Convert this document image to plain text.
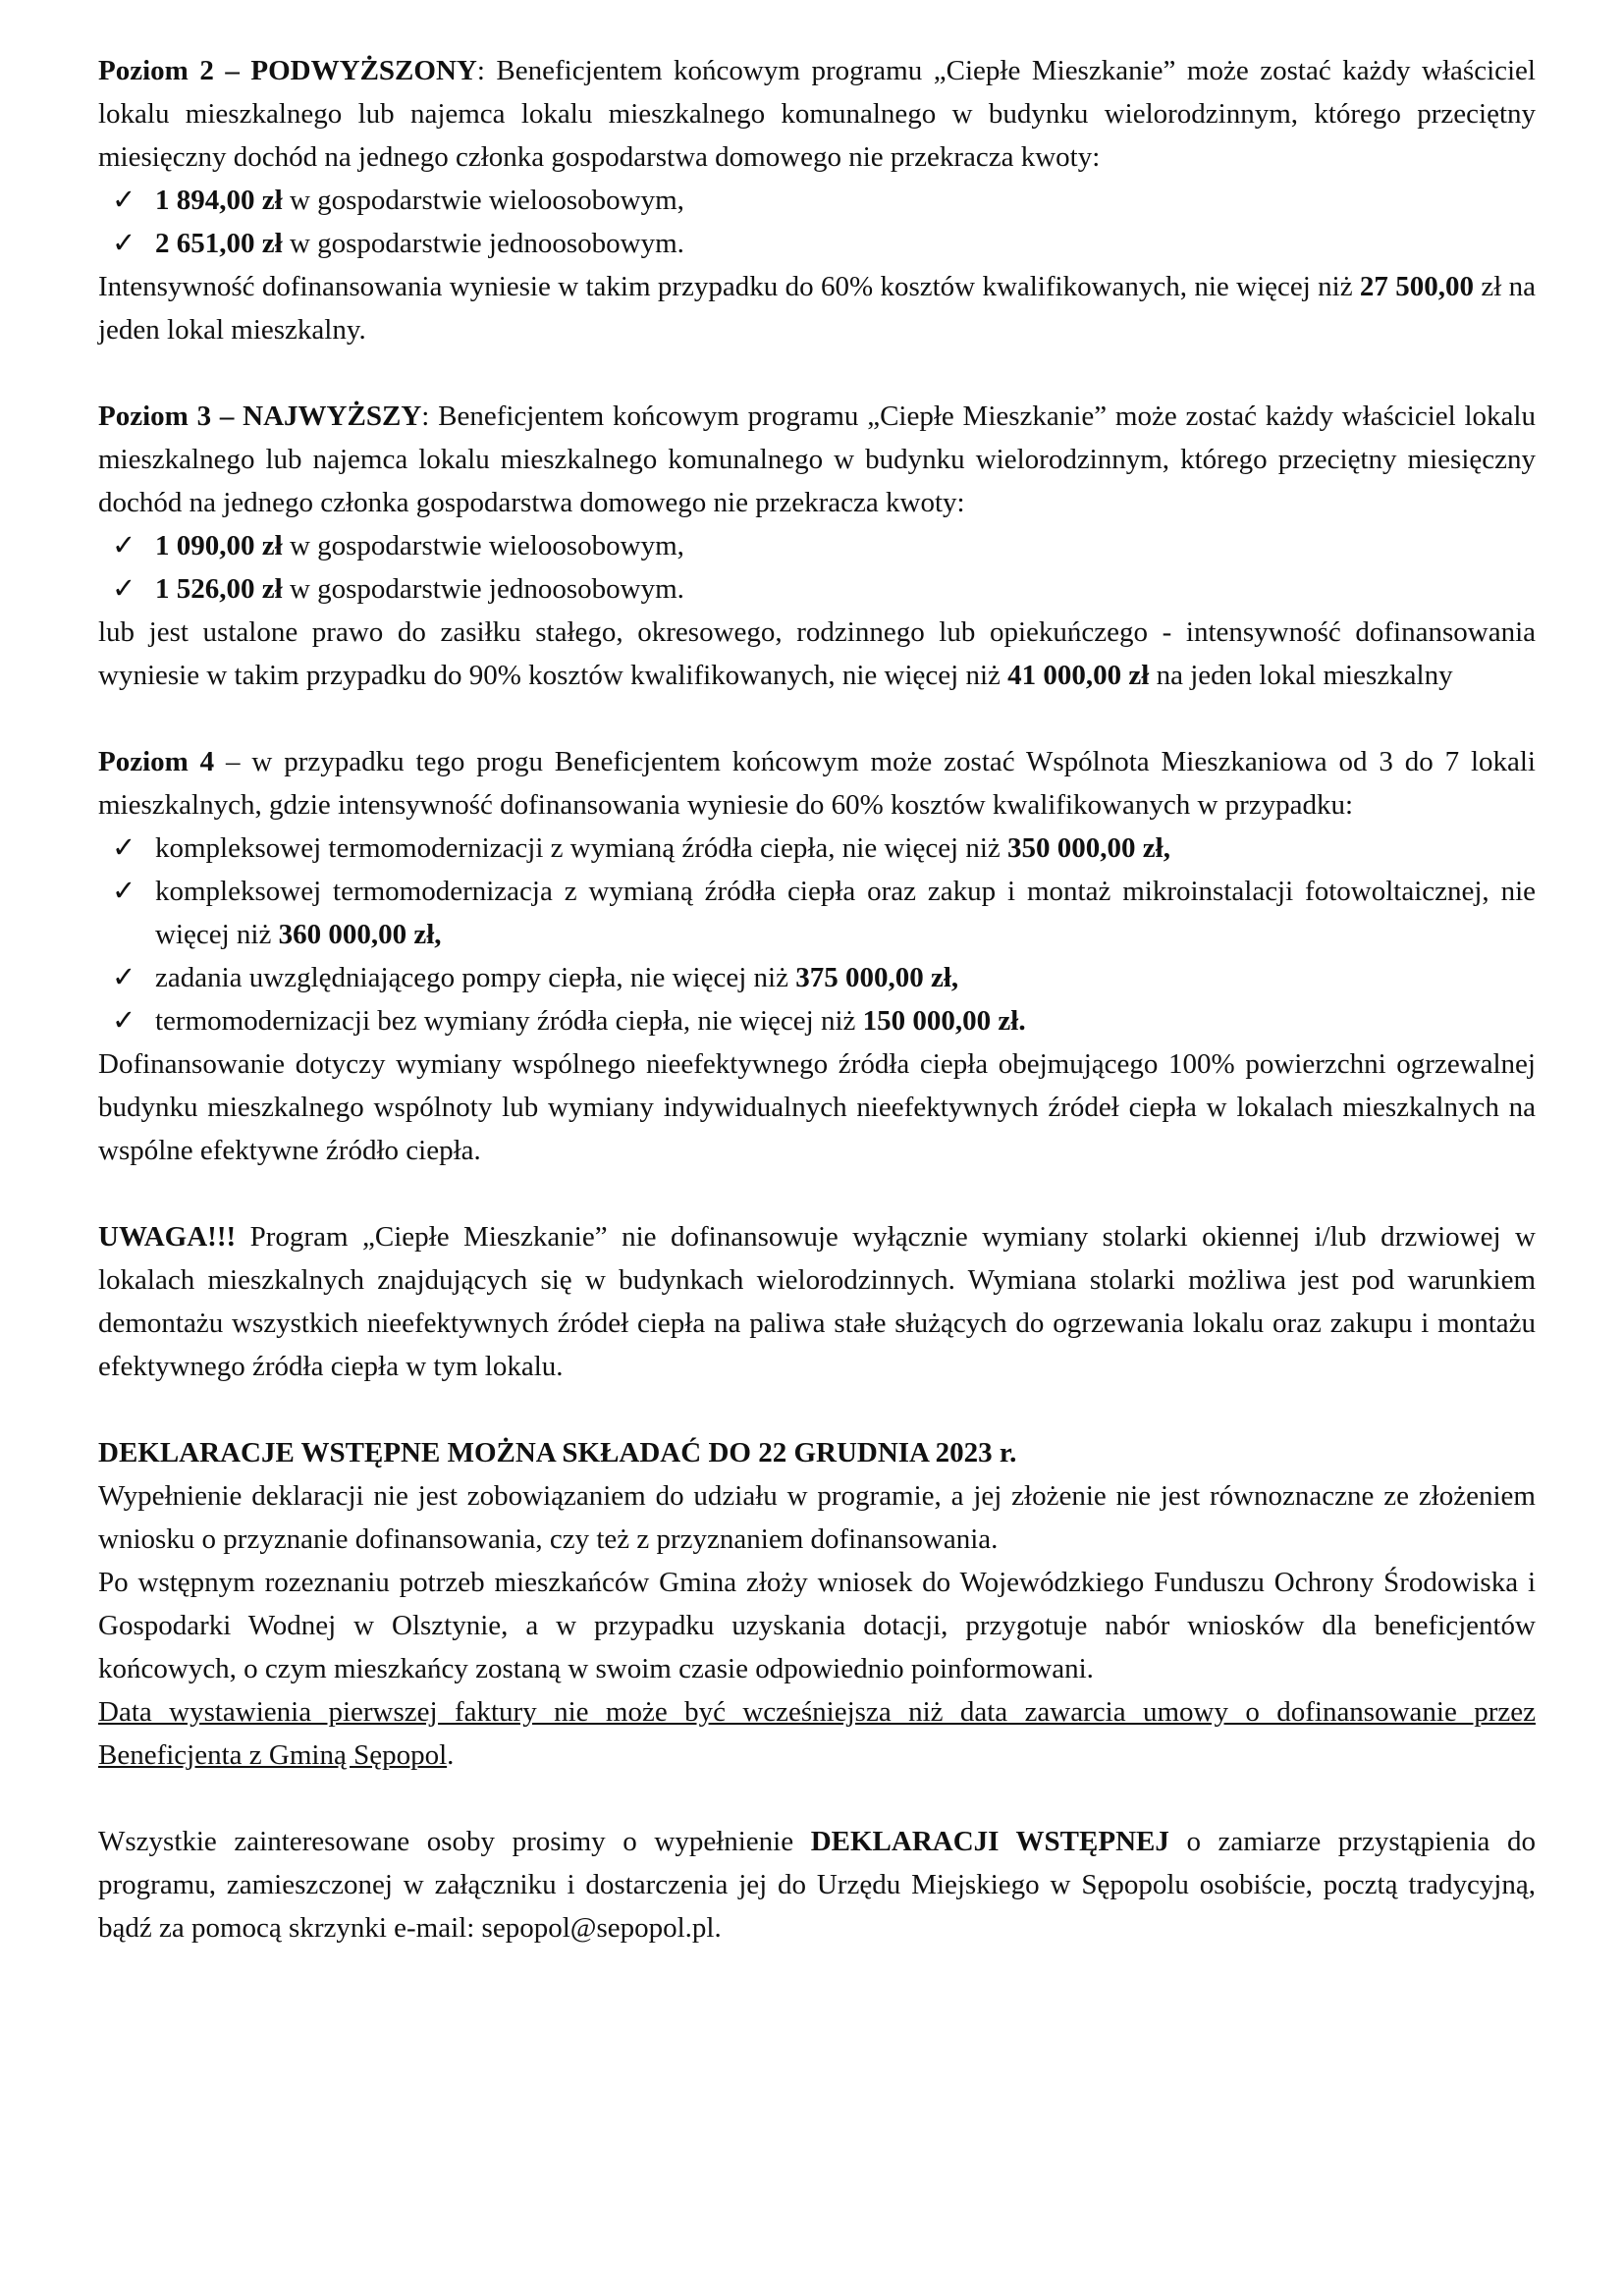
Poziom 2 – PODWYŻSZONY: Beneficjentem końcowym programu „Ciepłe Mieszkanie” może zostać każdy właściciel lokalu mieszkalnego lub najemca lokalu mieszkalnego komunalnego w budynku wielorodzinnym, którego przeciętny miesięczny dochód na jednego członka gospodarstwa domowego nie przekracza kwoty:

✓ 1 894,00 zł w gospodarstwie wieloosobowym,
✓ 2 651,00 zł w gospodarstwie jednoosobowym.

Intensywność dofinansowania wyniesie w takim przypadku do 60% kosztów kwalifikowanych, nie więcej niż 27 500,00 zł na jeden lokal mieszkalny.

Poziom 3 – NAJWYŻSZY: Beneficjentem końcowym programu „Ciepłe Mieszkanie” może zostać każdy właściciel lokalu mieszkalnego lub najemca lokalu mieszkalnego komunalnego w budynku wielorodzinnym, którego przeciętny miesięczny dochód na jednego członka gospodarstwa domowego nie przekracza kwoty:

✓ 1 090,00 zł w gospodarstwie wieloosobowym,
✓ 1 526,00 zł w gospodarstwie jednoosobowym.

lub jest ustalone prawo do zasiłku stałego, okresowego, rodzinnego lub opiekuńczego - intensywność dofinansowania wyniesie w takim przypadku do 90% kosztów kwalifikowanych, nie więcej niż 41 000,00 zł na jeden lokal mieszkalny

Poziom 4 – w przypadku tego progu Beneficjentem końcowym może zostać Wspólnota Mieszkaniowa od 3 do 7 lokali mieszkalnych, gdzie intensywność dofinansowania wyniesie do 60% kosztów kwalifikowanych w przypadku:

✓ kompleksowej termomodernizacji z wymianą źródła ciepła, nie więcej niż 350 000,00 zł,
✓ kompleksowej termomodernizacja z wymianą źródła ciepła oraz zakup i montaż mikroinstalacji fotowoltaicznej, nie więcej niż 360 000,00 zł,
✓ zadania uwzględniającego pompy ciepła, nie więcej niż 375 000,00 zł,
✓ termomodernizacji bez wymiany źródła ciepła, nie więcej niż 150 000,00 zł.

Dofinansowanie dotyczy wymiany wspólnego nieefektywnego źródła ciepła obejmującego 100% powierzchni ogrzewalnej budynku mieszkalnego wspólnoty lub wymiany indywidualnych nieefektywnych źródeł ciepła w lokalach mieszkalnych na wspólne efektywne źródło ciepła.

UWAGA!!! Program „Ciepłe Mieszkanie” nie dofinansowuje wyłącznie wymiany stolarki okiennej i/lub drzwiowej w lokalach mieszkalnych znajdujących się w budynkach wielorodzinnych. Wymiana stolarki możliwa jest pod warunkiem demontażu wszystkich nieefektywnych źródeł ciepła na paliwa stałe służących do ogrzewania lokalu oraz zakupu i montażu efektywnego źródła ciepła w tym lokalu.

DEKLARACJE WSTĘPNE MOŻNA SKŁADAĆ DO 22 GRUDNIA 2023 r.

Wypełnienie deklaracji nie jest zobowiązaniem do udziału w programie, a jej złożenie nie jest równoznaczne ze złożeniem wniosku o przyznanie dofinansowania, czy też z przyznaniem dofinansowania.

Po wstępnym rozeznaniu potrzeb mieszkańców Gmina złoży wniosek do Wojewódzkiego Funduszu Ochrony Środowiska i Gospodarki Wodnej w Olsztynie, a w przypadku uzyskania dotacji, przygotuje nabór wniosków dla beneficjentów końcowych, o czym mieszkańcy zostaną w swoim czasie odpowiednio poinformowani.

Data wystawienia pierwszej faktury nie może być wcześniejsza niż data zawarcia umowy o dofinansowanie przez Beneficjenta z Gminą Sępopol.

Wszystkie zainteresowane osoby prosimy o wypełnienie DEKLARACJI WSTĘPNEJ o zamiarze przystąpienia do programu, zamieszczonej w załączniku i dostarczenia jej do Urzędu Miejskiego w Sępopolu osobiście, pocztą tradycyjną, bądź za pomocą skrzynki e-mail: sepopol@sepopol.pl.
